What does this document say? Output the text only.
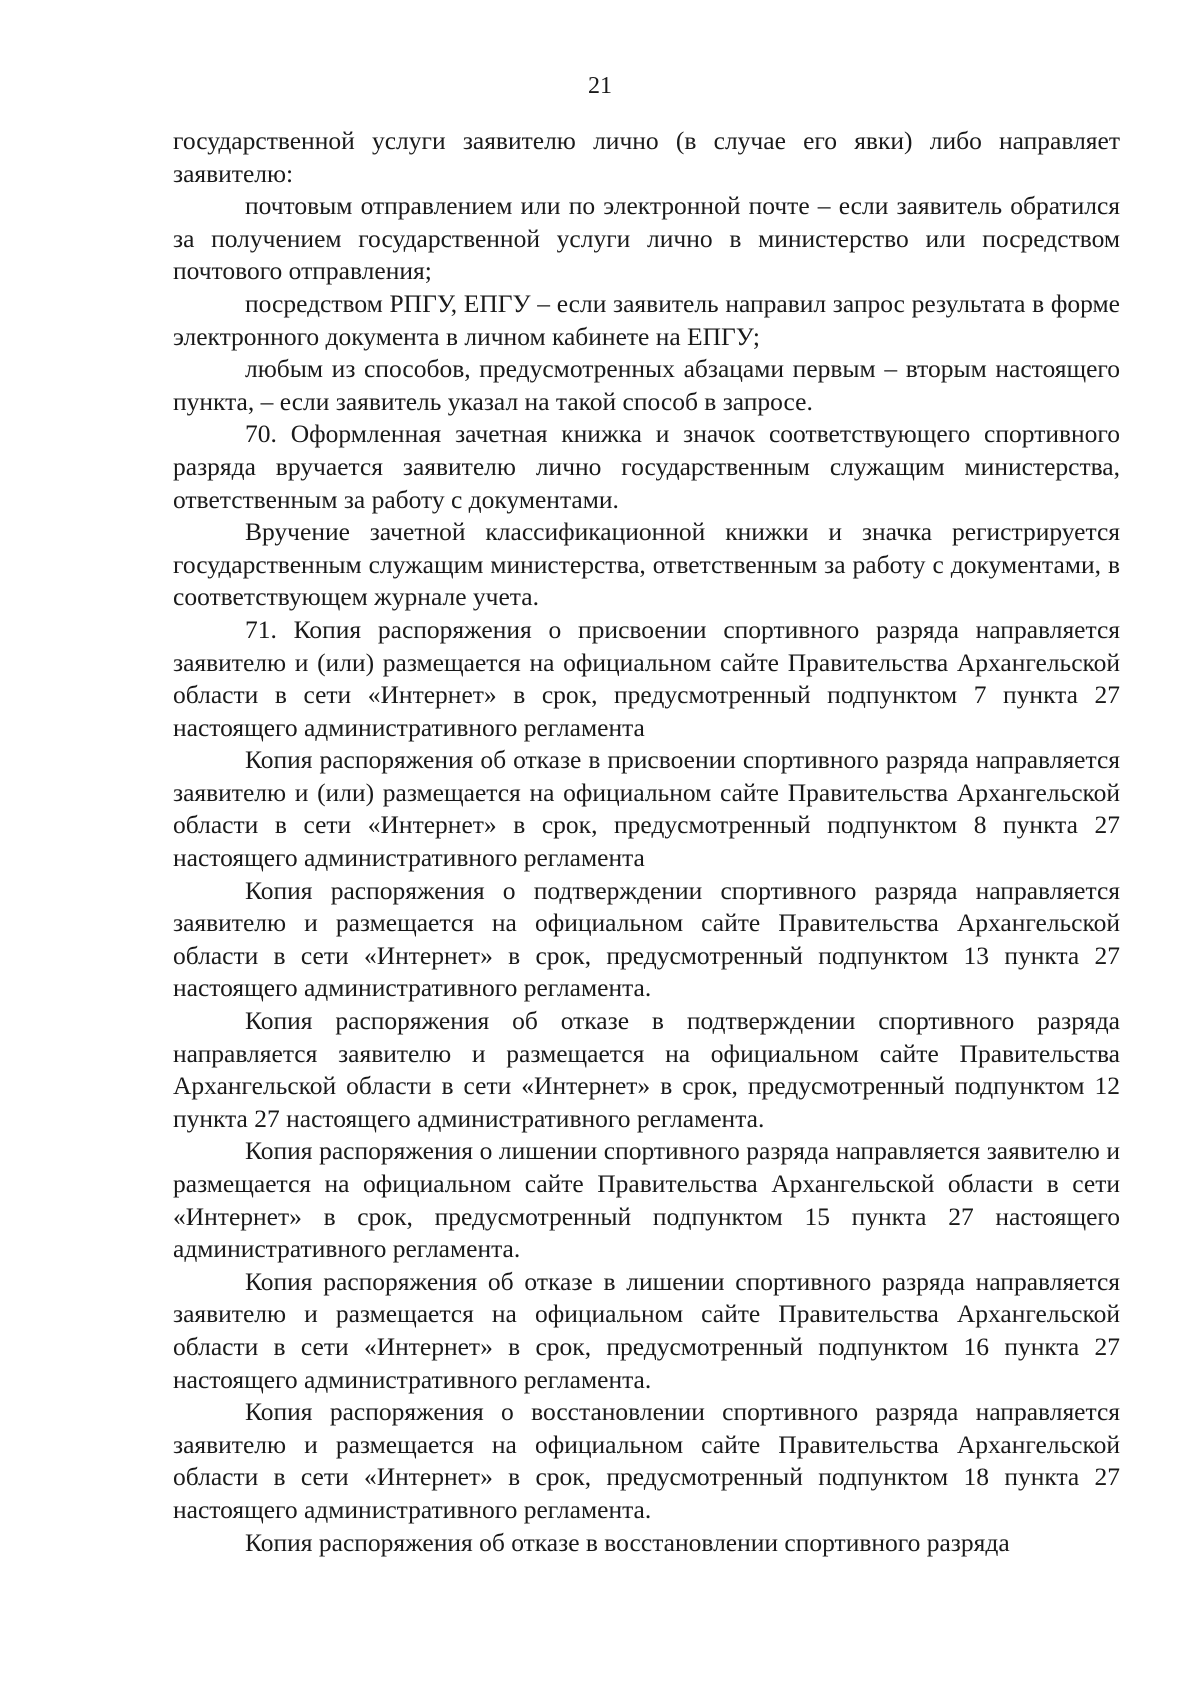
21

государственной услуги заявителю лично (в случае его явки) либо направляет заявителю:

почтовым отправлением или по электронной почте – если заявитель обратился за получением государственной услуги лично в министерство или посредством почтового отправления;

посредством РПГУ, ЕПГУ – если заявитель направил запрос результата в форме электронного документа в личном кабинете на ЕПГУ;

любым из способов, предусмотренных абзацами первым – вторым настоящего пункта, – если заявитель указал на такой способ в запросе.

70. Оформленная зачетная книжка и значок соответствующего спортивного разряда вручается заявителю лично государственным служащим министерства, ответственным за работу с документами.

Вручение зачетной классификационной книжки и значка регистрируется государственным служащим министерства, ответственным за работу с документами, в соответствующем журнале учета.

71. Копия распоряжения о присвоении спортивного разряда направляется заявителю и (или) размещается на официальном сайте Правительства Архангельской области в сети «Интернет» в срок, предусмотренный подпунктом 7 пункта 27 настоящего административного регламента

Копия распоряжения об отказе в присвоении спортивного разряда направляется заявителю и (или) размещается на официальном сайте Правительства Архангельской области в сети «Интернет» в срок, предусмотренный подпунктом 8 пункта 27 настоящего административного регламента

Копия распоряжения о подтверждении спортивного разряда направляется заявителю и размещается на официальном сайте Правительства Архангельской области в сети «Интернет» в срок, предусмотренный подпунктом 13 пункта 27 настоящего административного регламента.

Копия распоряжения об отказе в подтверждении спортивного разряда направляется заявителю и размещается на официальном сайте Правительства Архангельской области в сети «Интернет» в срок, предусмотренный подпунктом 12 пункта 27 настоящего административного регламента.

Копия распоряжения о лишении спортивного разряда направляется заявителю и размещается на официальном сайте Правительства Архангельской области в сети «Интернет» в срок, предусмотренный подпунктом 15 пункта 27 настоящего административного регламента.

Копия распоряжения об отказе в лишении спортивного разряда направляется заявителю и размещается на официальном сайте Правительства Архангельской области в сети «Интернет» в срок, предусмотренный подпунктом 16 пункта 27 настоящего административного регламента.

Копия распоряжения о восстановлении спортивного разряда направляется заявителю и размещается на официальном сайте Правительства Архангельской области в сети «Интернет» в срок, предусмотренный подпунктом 18 пункта 27 настоящего административного регламента.

Копия распоряжения об отказе в восстановлении спортивного разряда
